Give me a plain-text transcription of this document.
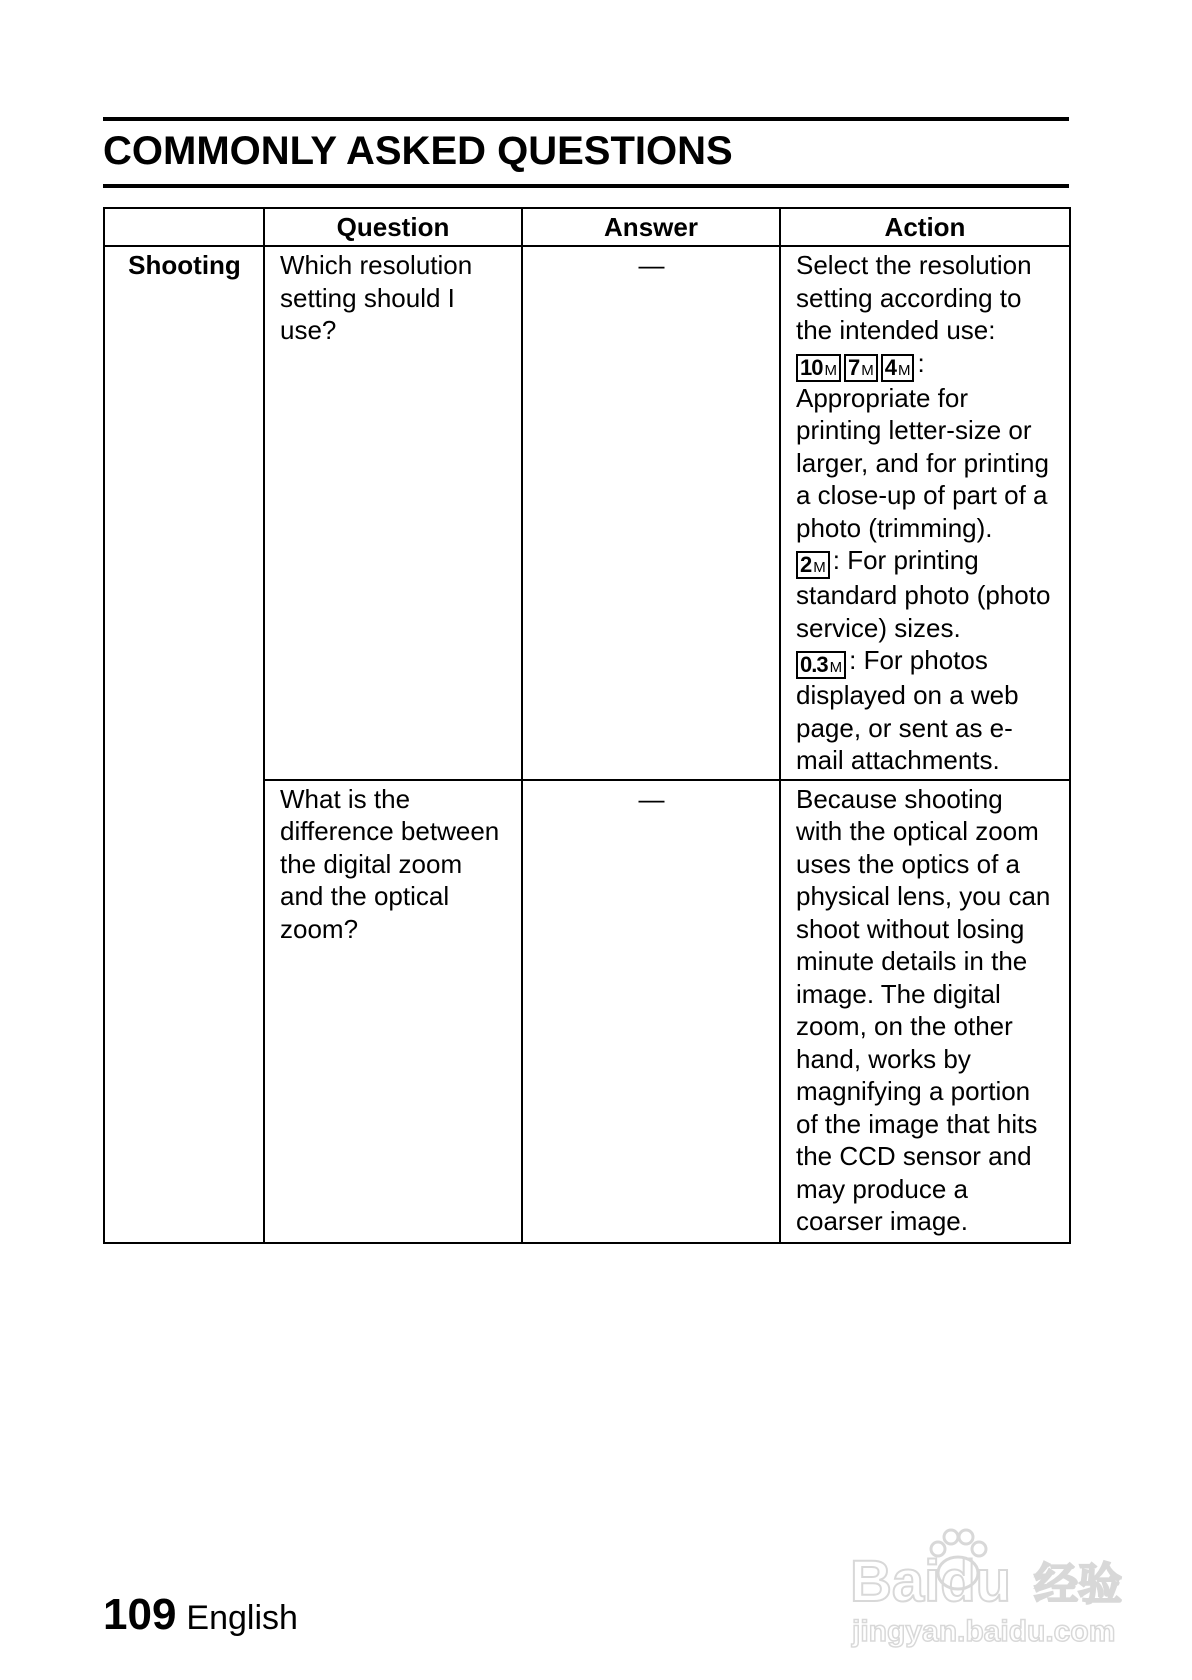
COMMONLY ASKED QUESTIONS
	Question	Answer	Action
Shooting	Which resolution setting should I use?	—	Select the resolution setting according to the intended use:
10 M 7 M 4 M : Appropriate for printing letter-size or larger, and for printing a close-up of part of a photo (trimming).
2 M : For printing standard photo (photo service) sizes.
0.3 M : For photos displayed on a web page, or sent as e-mail attachments.

	What is the difference between the digital zoom and the optical zoom?	—	Because shooting with the optical zoom uses the optics of a physical lens, you can shoot without losing minute details in the image. The digital zoom, on the other hand, works by magnifying a portion of the image that hits the CCD sensor and may produce a coarser image.
109 English
Baidu 经验
jingyan.baidu.com
